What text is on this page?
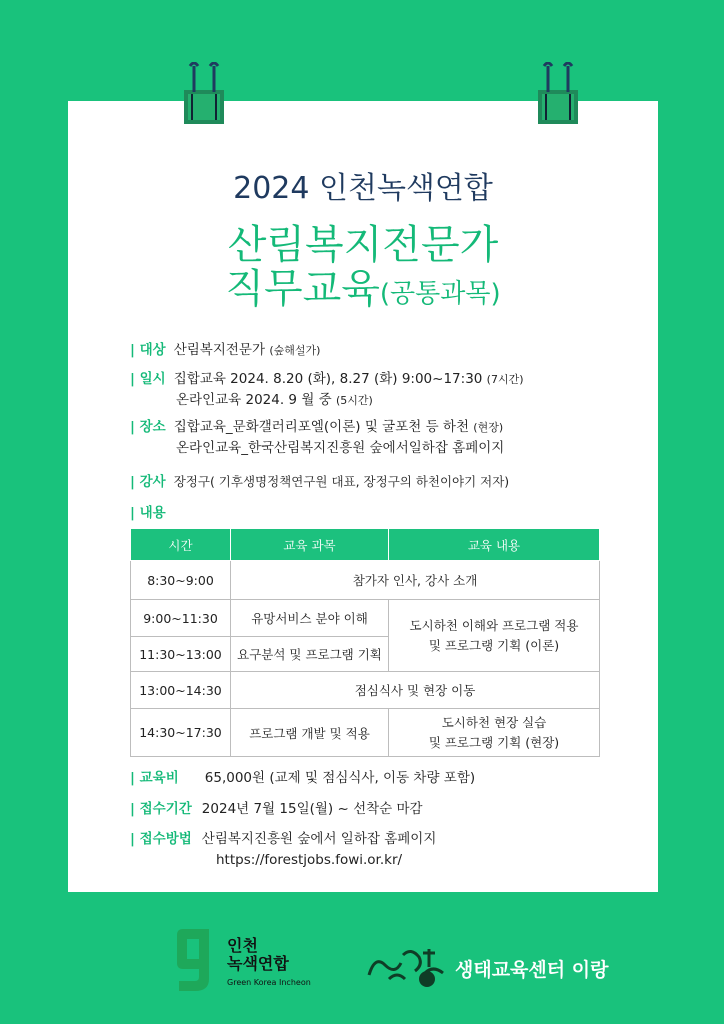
2024 인천녹색연합
산림복지전문가
직무교육(공통과목)
| 대상 산림복지전문가 (숲해설가)
| 일시 집합교육 2024. 8.20 (화), 8.27 (화) 9:00~17:30 (7시간)
온라인교육 2024. 9 월 중 (5시간)
| 장소 집합교육_문화갤러리포엘(이론) 및 굴포천 등 하천 (현장)
온라인교육_한국산림복지진흥원 숲에서일하잡 홈페이지
| 강사 장정구( 기후생명정책연구원 대표, 장정구의 하천이야기 저자)
| 내용
시간	교육 과목	교육 내용
8:30~9:00	참가자 인사, 강사 소개	
9:00~11:30	유망서비스 분야 이해	도시하천 이해와 프로그램 적용
및 프로그랭 기획 (이론)
11:30~13:00	요구분석 및 프로그램 기획	
13:00~14:30	점심식사 및 현장 이동	
14:30~17:30	프로그램 개발 및 적용	도시하천 현장 실습
및 프로그랭 기획 (현장)
| 교육비 65,000원 (교제 및 점심식사, 이동 차량 포함)
| 접수기간 2024년 7월 15일(월) ~ 선착순 마감
| 접수방법 산림복지진흥원 숲에서 일하잡 홈페이지
https://forestjobs.fowi.or.kr/
인천
녹색연합
Green Korea Incheon
생태교육센터 이랑
